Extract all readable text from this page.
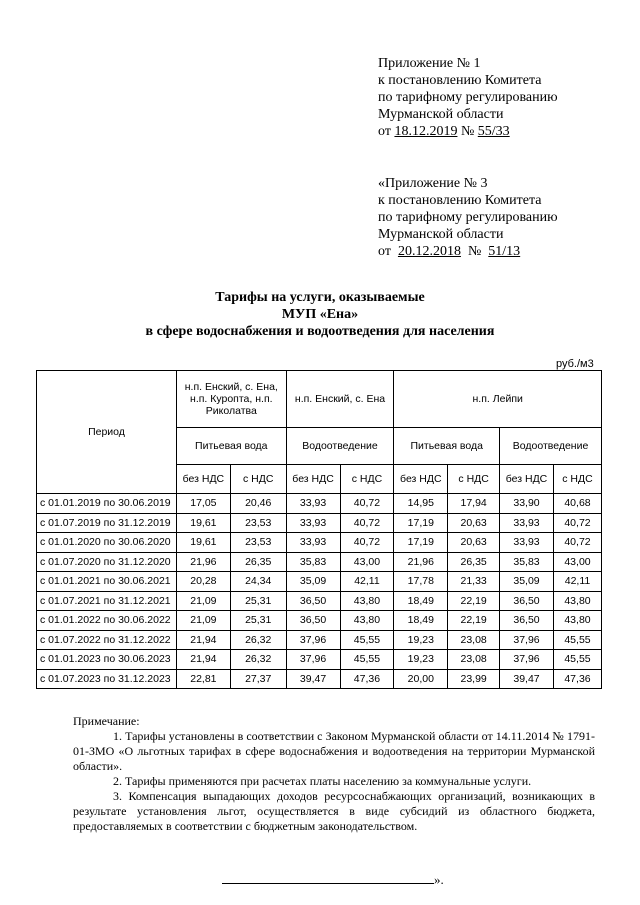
Приложение № 1
к постановлению Комитета
по тарифному регулированию
Мурманской области
от 18.12.2019 № 55/33
«Приложение № 3
к постановлению Комитета
по тарифному регулированию
Мурманской области
от 20.12.2018 № 51/13
Тарифы на услуги, оказываемые
МУП «Ена»
в сфере водоснабжения и водоотведения для населения
руб./м3
Период	н.п. Енский, с. Ена, н.п. Куропта, н.п. Риколатва		н.п. Енский, с. Ена		н.п. Лейпи			
	Питьевая вода		Водоотведение		Питьевая вода		Водоотведение	
	без НДС	с НДС	без НДС	с НДС	без НДС	с НДС	без НДС	с НДС
с 01.01.2019 по 30.06.2019	17,05	20,46	33,93	40,72	14,95	17,94	33,90	40,68
с 01.07.2019 по 31.12.2019	19,61	23,53	33,93	40,72	17,19	20,63	33,93	40,72
с 01.01.2020 по 30.06.2020	19,61	23,53	33,93	40,72	17,19	20,63	33,93	40,72
с 01.07.2020 по 31.12.2020	21,96	26,35	35,83	43,00	21,96	26,35	35,83	43,00
с 01.01.2021 по 30.06.2021	20,28	24,34	35,09	42,11	17,78	21,33	35,09	42,11
с 01.07.2021 по 31.12.2021	21,09	25,31	36,50	43,80	18,49	22,19	36,50	43,80
с 01.01.2022 по 30.06.2022	21,09	25,31	36,50	43,80	18,49	22,19	36,50	43,80
с 01.07.2022 по 31.12.2022	21,94	26,32	37,96	45,55	19,23	23,08	37,96	45,55
с 01.01.2023 по 30.06.2023	21,94	26,32	37,96	45,55	19,23	23,08	37,96	45,55
с 01.07.2023 по 31.12.2023	22,81	27,37	39,47	47,36	20,00	23,99	39,47	47,36

Примечание:

1. Тарифы установлены в соответствии с Законом Мурманской области от 14.11.2014 № 1791-01-ЗМО «О льготных тарифах в сфере водоснабжения и водоотведения на территории Мурманской области».

2. Тарифы применяются при расчетах платы населению за коммунальные услуги.

3. Компенсация выпадающих доходов ресурсоснабжающих организаций, возникающих в результате установления льгот, осуществляется в виде субсидий из областного бюджета, предоставляемых в соответствии с бюджетным законодательством.

».
